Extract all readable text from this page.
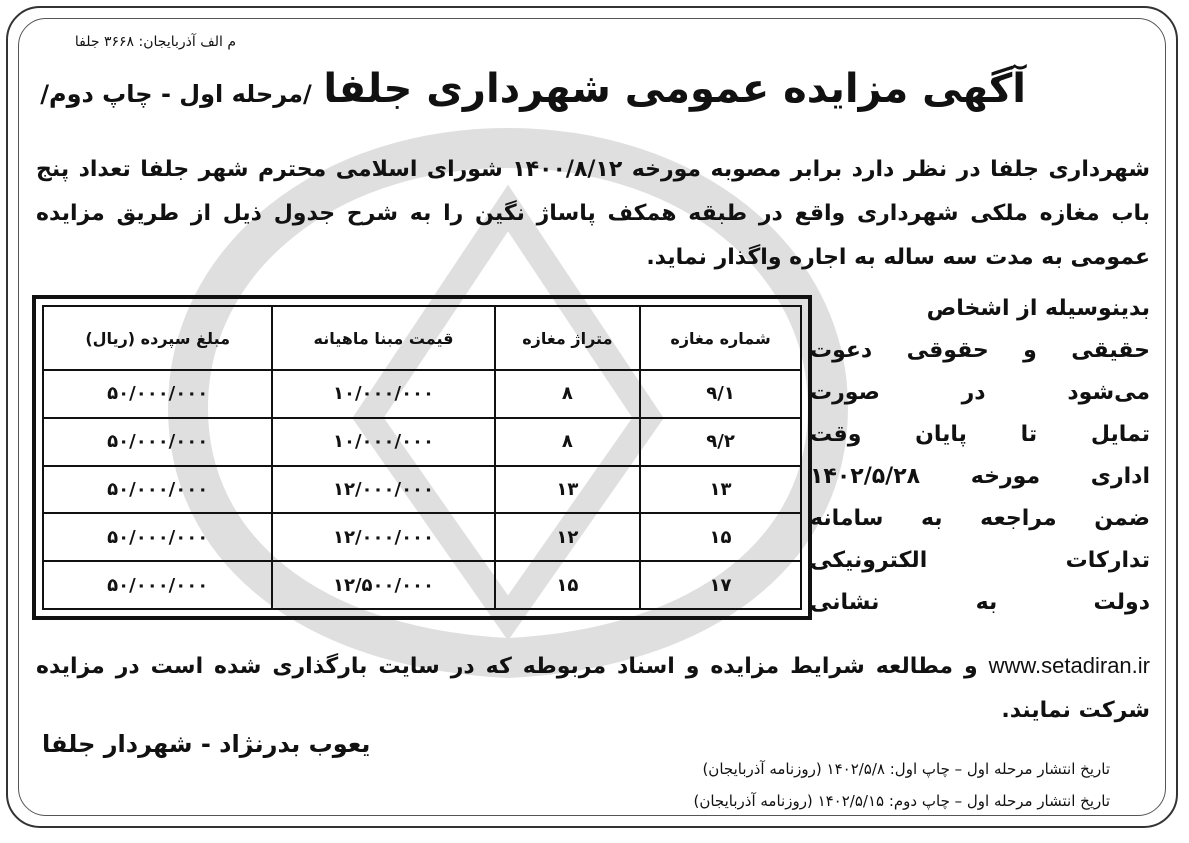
م الف آذربایجان: ۳۶۶۸ جلفا
آگهی مزایده عمومی شهرداری جلفا /مرحله اول - چاپ دوم/
شهرداری جلفا در نظر دارد برابر مصوبه مورخه ۱۴۰۰/۸/۱۲ شورای اسلامی محترم شهر جلفا تعداد پنج باب مغازه ملکی شهرداری واقع در طبقه همکف پاساژ نگین را به شرح جدول ذیل از طریق مزایده عمومی به مدت سه ساله به اجاره واگذار نماید.
بدینوسیله از اشخاص
حقیقی و حقوقی دعوت
می‌شود در صورت
تمایل تا پایان وقت
اداری مورخه ۱۴۰۲/۵/۲۸
ضمن مراجعه به سامانه
تدارکات الکترونیکی
دولت به نشانی
شماره مغازه	متراژ مغازه	قیمت مبنا ماهیانه	مبلغ سپرده (ریال)
۹/۱	۸	۱۰/۰۰۰/۰۰۰	۵۰/۰۰۰/۰۰۰
۹/۲	۸	۱۰/۰۰۰/۰۰۰	۵۰/۰۰۰/۰۰۰
۱۳	۱۳	۱۲/۰۰۰/۰۰۰	۵۰/۰۰۰/۰۰۰
۱۵	۱۲	۱۲/۰۰۰/۰۰۰	۵۰/۰۰۰/۰۰۰
۱۷	۱۵	۱۲/۵۰۰/۰۰۰	۵۰/۰۰۰/۰۰۰
www.setadiran.ir و مطالعه شرایط مزایده و اسناد مربوطه که در سایت بارگذاری شده است در مزایده شرکت نمایند.
یعوب بدرنژاد - شهردار جلفا
تاریخ انتشار مرحله اول – چاپ اول: ۱۴۰۲/۵/۸ (روزنامه آذربایجان)
تاریخ انتشار مرحله اول – چاپ دوم: ۱۴۰۲/۵/۱۵ (روزنامه آذربایجان)
